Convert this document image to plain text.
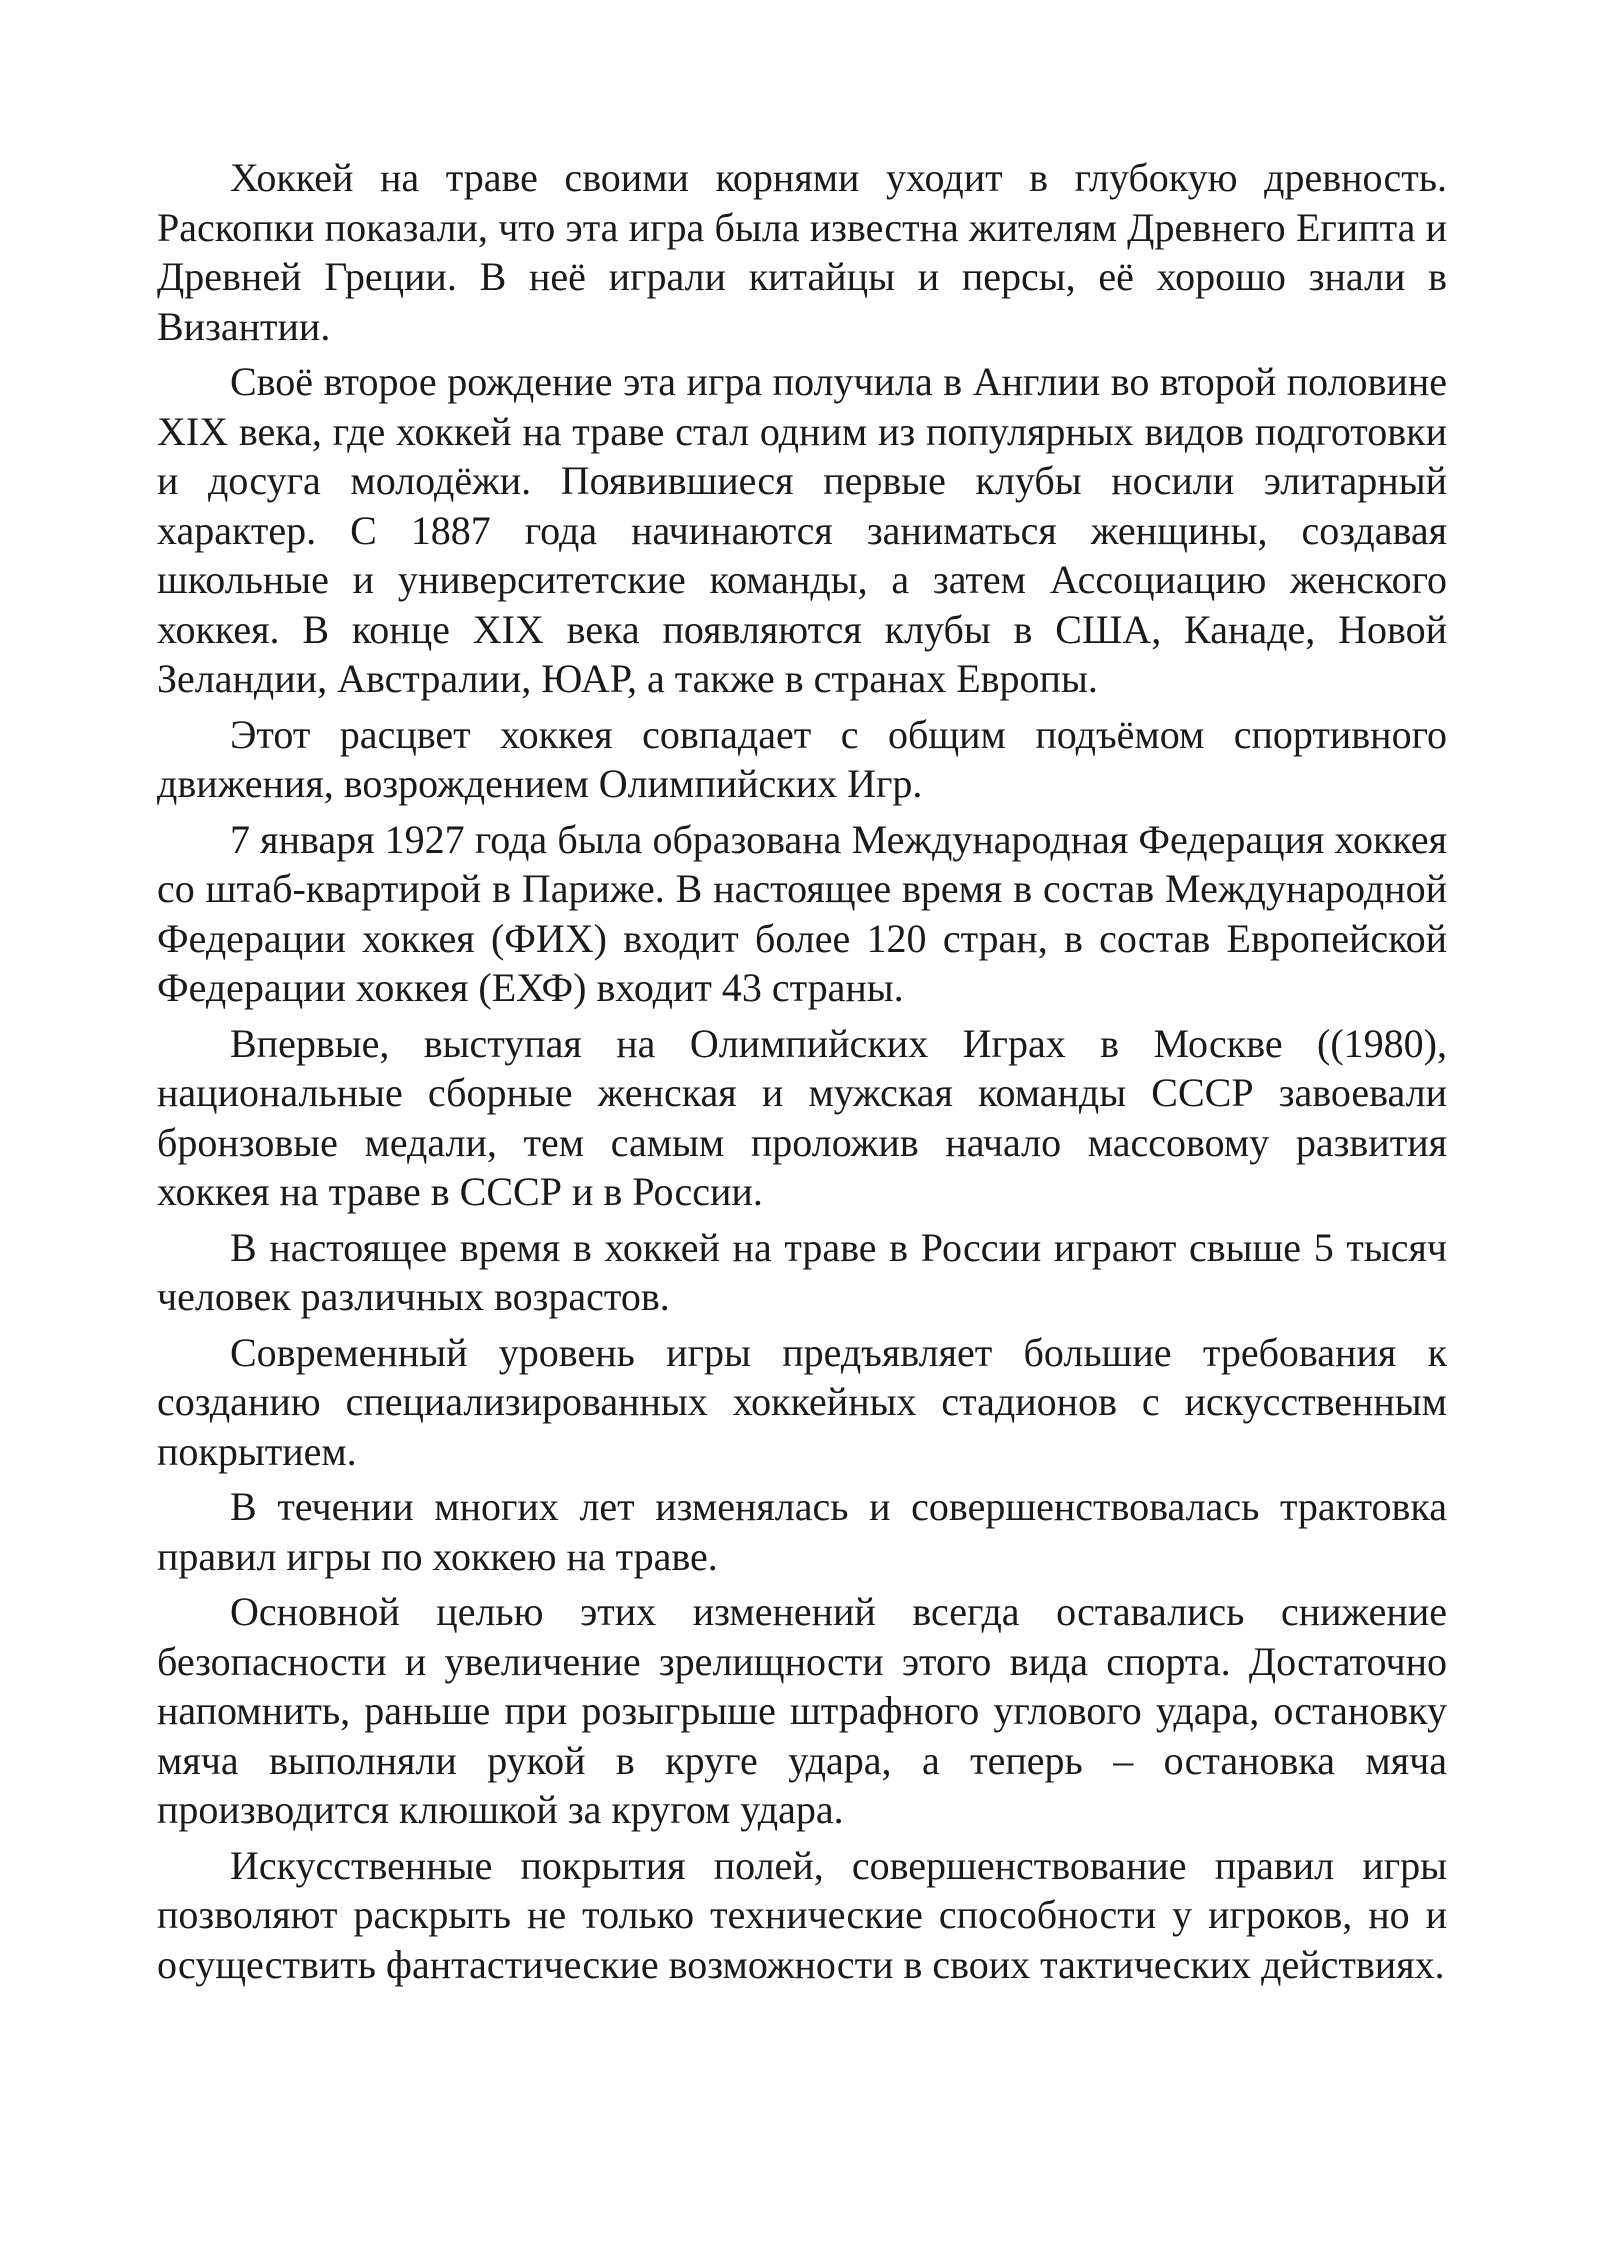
Хоккей на траве своими корнями уходит в глубокую древность. Раскопки показали, что эта игра была известна жителям Древнего Египта и Древней Греции. В неё играли китайцы и персы, её хорошо знали в Византии.

Своё второе рождение эта игра получила в Англии во второй половине XIX века, где хоккей на траве стал одним из популярных видов подготовки и досуга молодёжи. Появившиеся первые клубы носили элитарный характер. С 1887 года начинаются заниматься женщины, создавая школьные и университетские команды, а затем Ассоциацию женского хоккея. В конце XIX века появляются клубы в США, Канаде, Новой Зеландии, Австралии, ЮАР, а также в странах Европы.

Этот расцвет хоккея совпадает с общим подъёмом спортивного движения, возрождением Олимпийских Игр.

7 января 1927 года была образована Международная Федерация хоккея со штаб-квартирой в Париже. В настоящее время в состав Международной Федерации хоккея (ФИХ) входит более 120 стран, в состав Европейской Федерации хоккея (ЕХФ) входит 43 страны.

Впервые, выступая на Олимпийских Играх в Москве ((1980), национальные сборные женская и мужская команды СССР завоевали бронзовые медали, тем самым проложив начало массовому развития хоккея на траве в СССР и в России.

В настоящее время в хоккей на траве в России играют свыше 5 тысяч человек различных возрастов.

Современный уровень игры предъявляет большие требования к созданию специализированных хоккейных стадионов с искусственным покрытием.

В течении многих лет изменялась и совершенствовалась трактовка правил игры по хоккею на траве.

Основной целью этих изменений всегда оставались снижение безопасности и увеличение зрелищности этого вида спорта. Достаточно напомнить, раньше при розыгрыше штрафного углового удара, остановку мяча выполняли рукой в круге удара, а теперь – остановка мяча производится клюшкой за кругом удара.

Искусственные покрытия полей, совершенствование правил игры позволяют раскрыть не только технические способности у игроков, но и осуществить фантастические возможности в своих тактических действиях.
